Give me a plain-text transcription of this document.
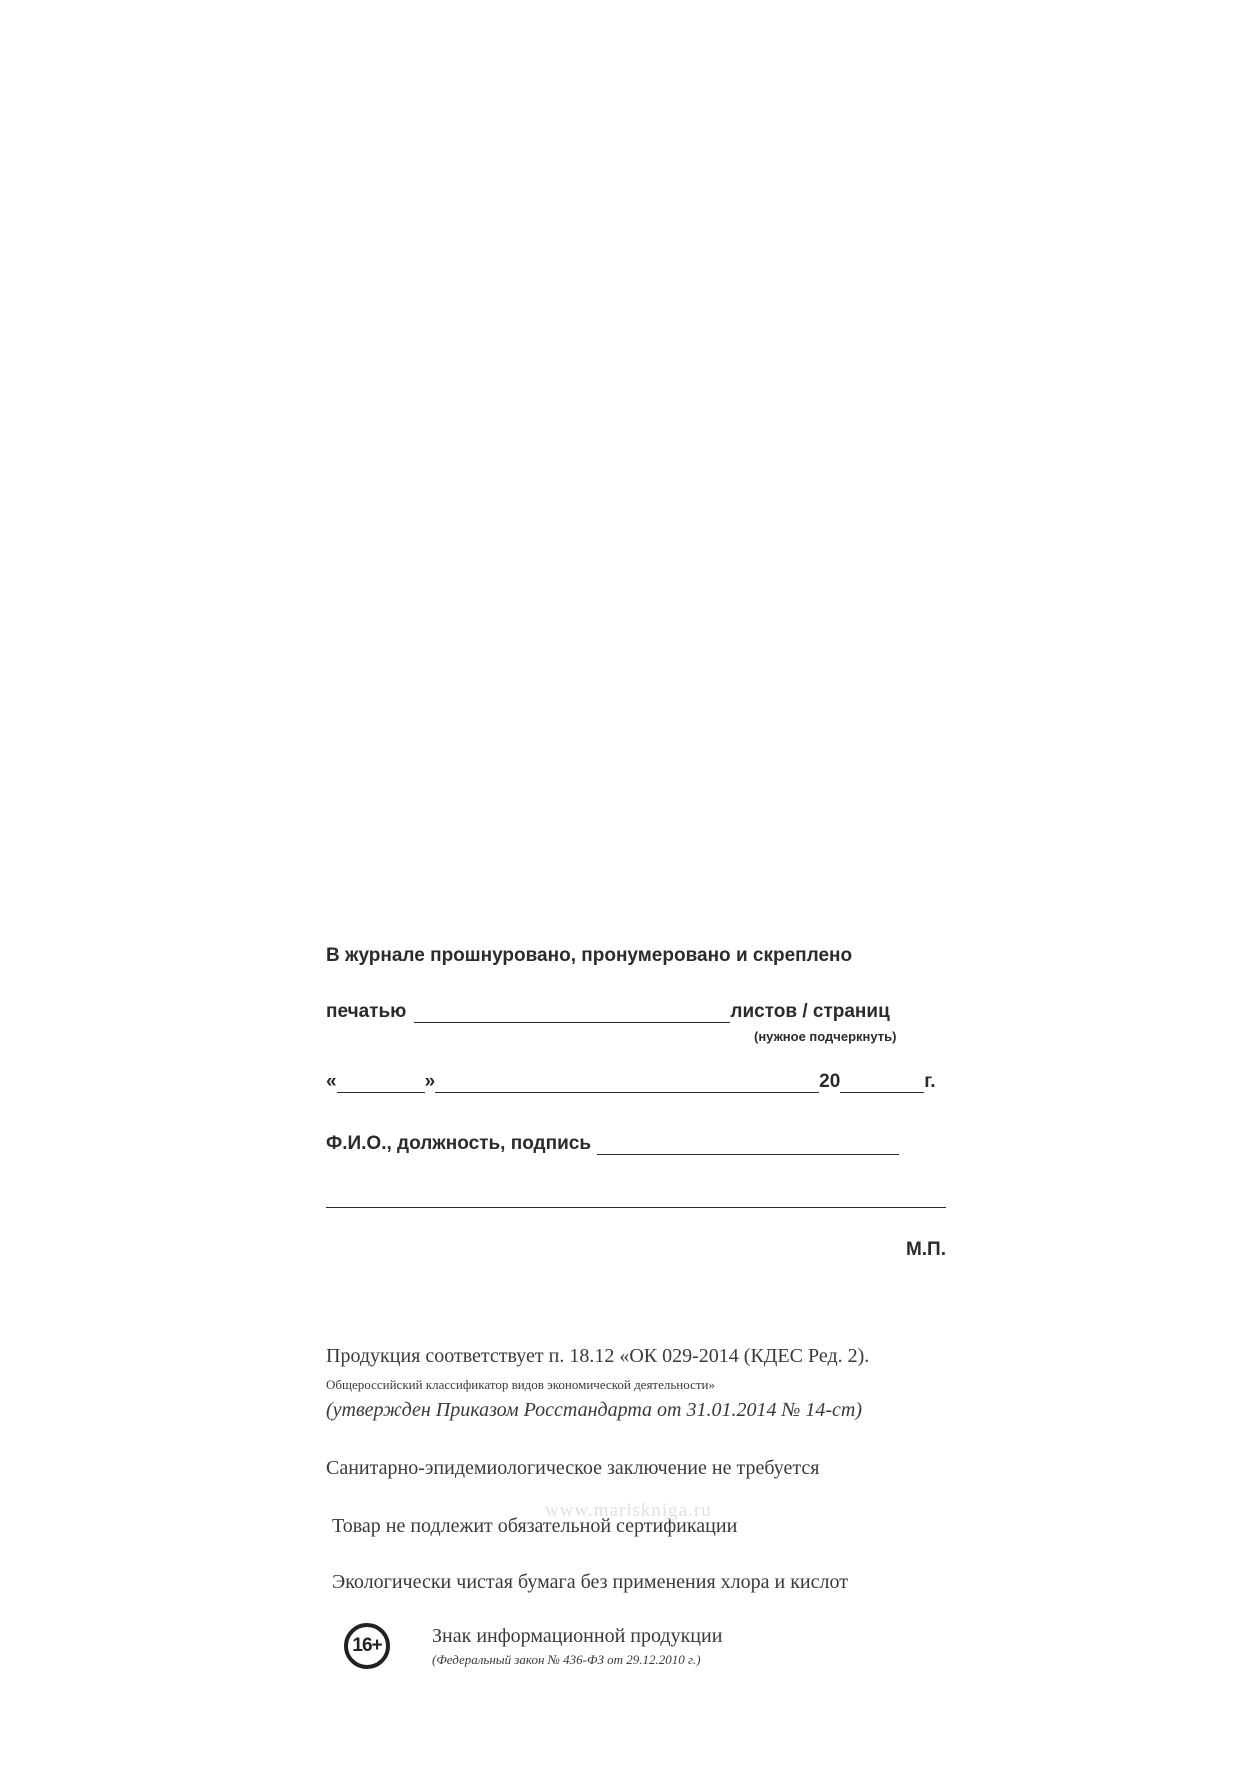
В журнале прошнуровано, пронумеровано и скреплено
печатью	листов / страниц
(нужное подчеркнуть)
«	»	20	г.
Ф.И.О., должность, подпись
М.П.
Продукция соответствует п. 18.12 «ОК 029-2014 (КДЕС Ред. 2).
Общероссийский классификатор видов экономической деятельности»
(утвержден Приказом Росстандарта от 31.01.2014 № 14-ст)
Санитарно-эпидемиологическое заключение не требуется
Товар не подлежит обязательной сертификации
Экологически чистая бумага без применения хлора и кислот
www.mariskniga.ru
16+	Знак информационной продукции
(Федеральный закон № 436-ФЗ от 29.12.2010 г.)
